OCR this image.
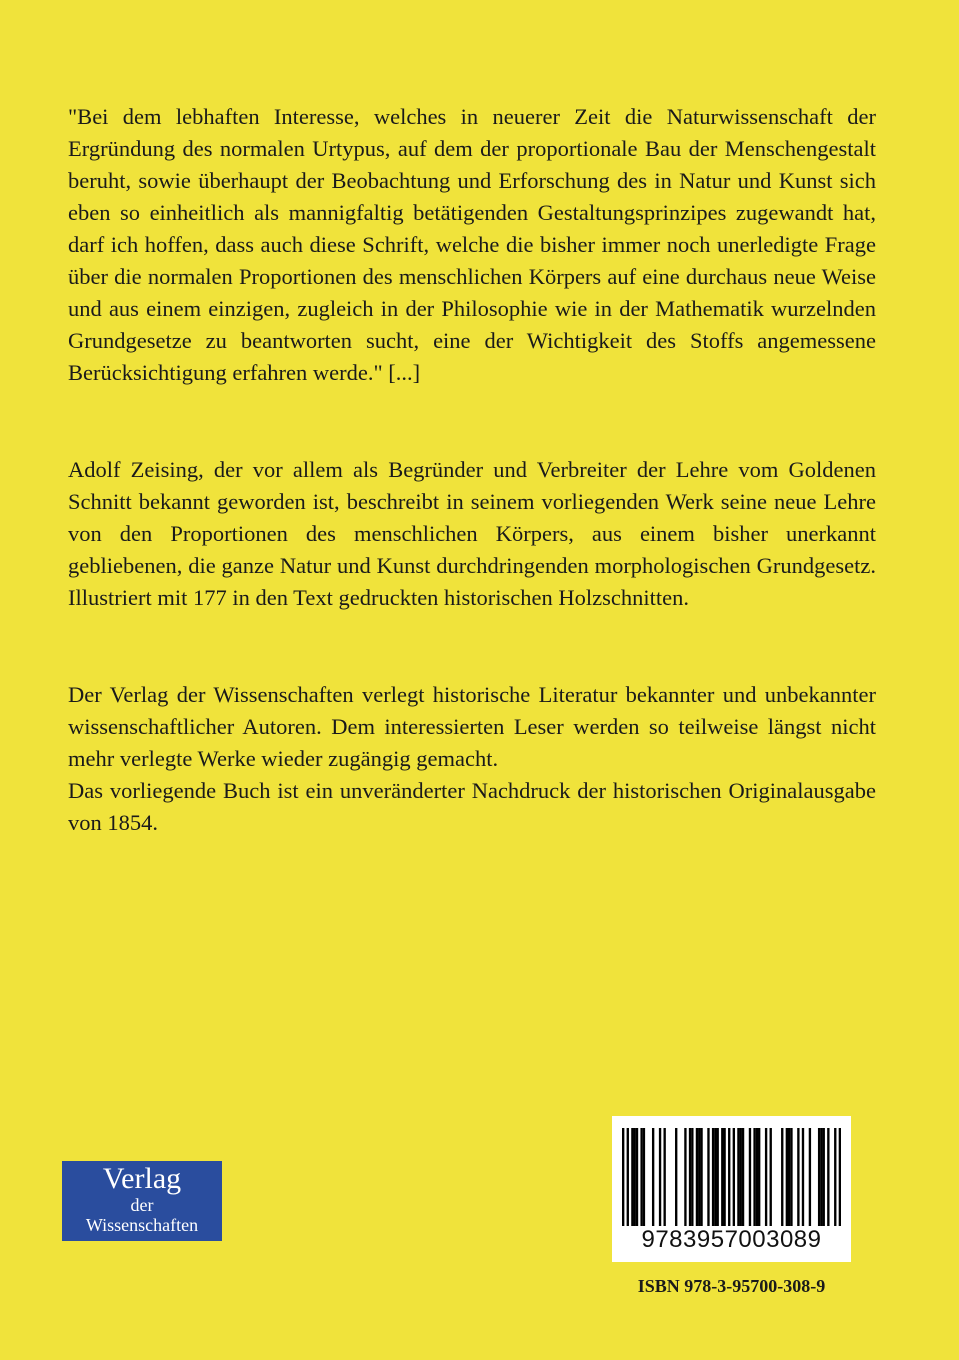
"Bei dem lebhaften Interesse, welches in neuerer Zeit die Naturwissenschaft der Ergründung des normalen Urtypus, auf dem der proportionale Bau der Menschengestalt beruht, sowie überhaupt der Beobachtung und Erforschung des in Natur und Kunst sich eben so einheitlich als mannigfaltig betätigenden Gestaltungsprinzipes zugewandt hat, darf ich hoffen, dass auch diese Schrift, welche die bisher immer noch unerledigte Frage über die normalen Proportionen des menschlichen Körpers auf eine durchaus neue Weise und aus einem einzigen, zugleich in der Philosophie wie in der Mathematik wurzelnden Grundgesetze zu beantworten sucht, eine der Wichtigkeit des Stoffs angemessene Berücksichtigung erfahren werde." [...]

Adolf Zeising, der vor allem als Begründer und Verbreiter der Lehre vom Goldenen Schnitt bekannt geworden ist, beschreibt in seinem vorliegenden Werk seine neue Lehre von den Proportionen des menschlichen Körpers, aus einem bisher unerkannt gebliebenen, die ganze Natur und Kunst durchdringenden morphologischen Grundgesetz. Illustriert mit 177 in den Text gedruckten historischen Holzschnitten.

Der Verlag der Wissenschaften verlegt historische Literatur bekannter und unbekannter wissenschaftlicher Autoren. Dem interessierten Leser werden so teilweise längst nicht mehr verlegte Werke wieder zugängig gemacht.
Das vorliegende Buch ist ein unveränderter Nachdruck der historischen Originalausgabe von 1854.
Verlag
der
Wissenschaften
9783957003089
ISBN 978-3-95700-308-9
